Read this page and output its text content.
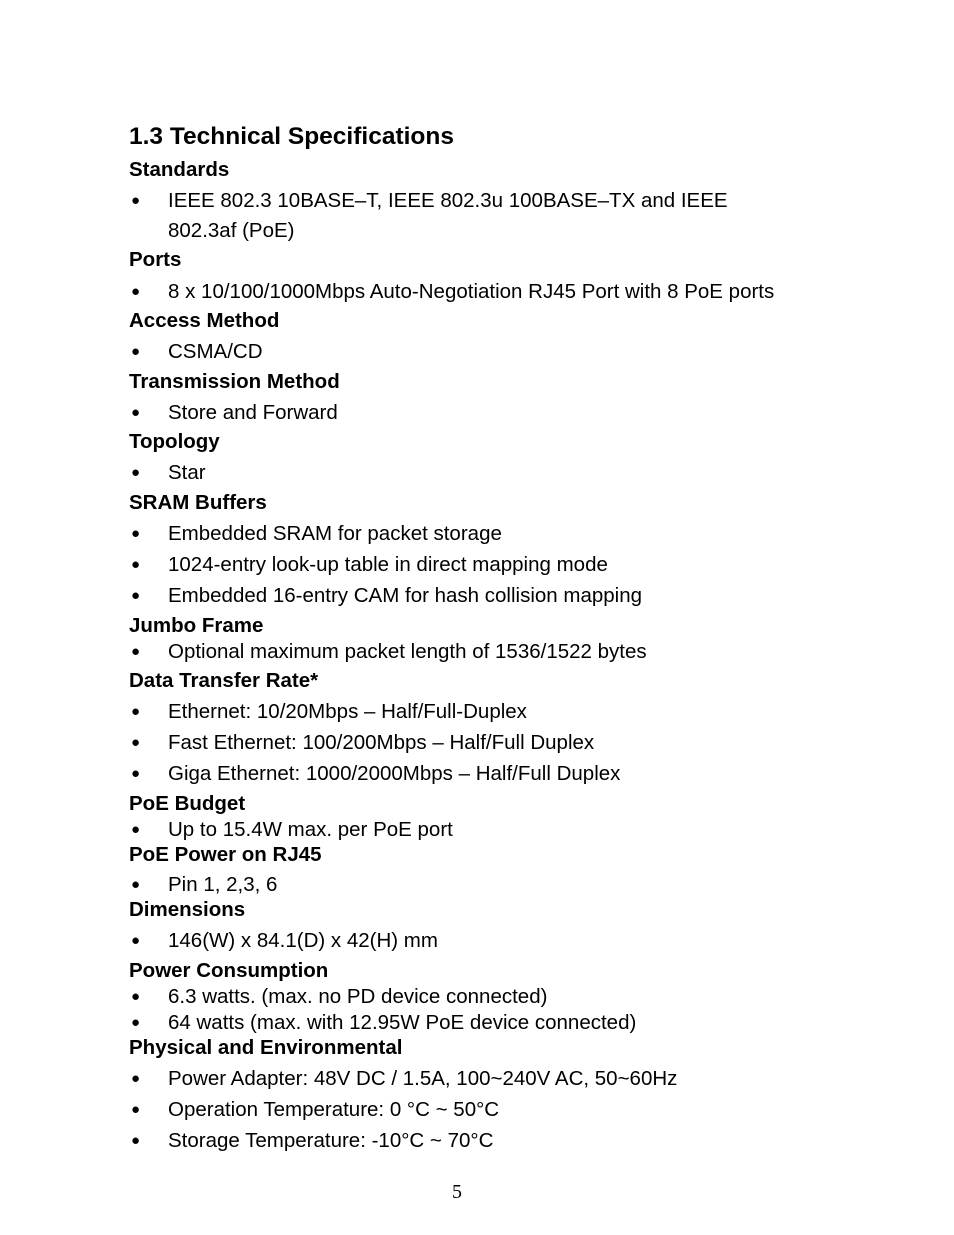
1.3 Technical Specifications
Standards
● IEEE 802.3 10BASE–T, IEEE 802.3u 100BASE–TX and IEEE 802.3af (PoE)
Ports
● 8 x 10/100/1000Mbps Auto-Negotiation RJ45 Port with 8 PoE ports
Access Method
● CSMA/CD
Transmission Method
● Store and Forward
Topology
● Star
SRAM Buffers
● Embedded SRAM for packet storage
● 1024-entry look-up table in direct mapping mode
● Embedded 16-entry CAM for hash collision mapping
Jumbo Frame
● Optional maximum packet length of 1536/1522 bytes
Data Transfer Rate*
● Ethernet: 10/20Mbps – Half/Full-Duplex
● Fast Ethernet: 100/200Mbps – Half/Full Duplex
● Giga Ethernet: 1000/2000Mbps – Half/Full Duplex
PoE Budget
● Up to 15.4W max. per PoE port
PoE Power on RJ45
● Pin 1, 2,3, 6
Dimensions
● 146(W) x 84.1(D) x 42(H) mm
Power Consumption
● 6.3 watts. (max. no PD device connected)
● 64 watts (max. with 12.95W PoE device connected)
Physical and Environmental
● Power Adapter: 48V DC / 1.5A, 100~240V AC, 50~60Hz
● Operation Temperature: 0 °C ~ 50°C
● Storage Temperature: -10°C ~ 70°C
5
